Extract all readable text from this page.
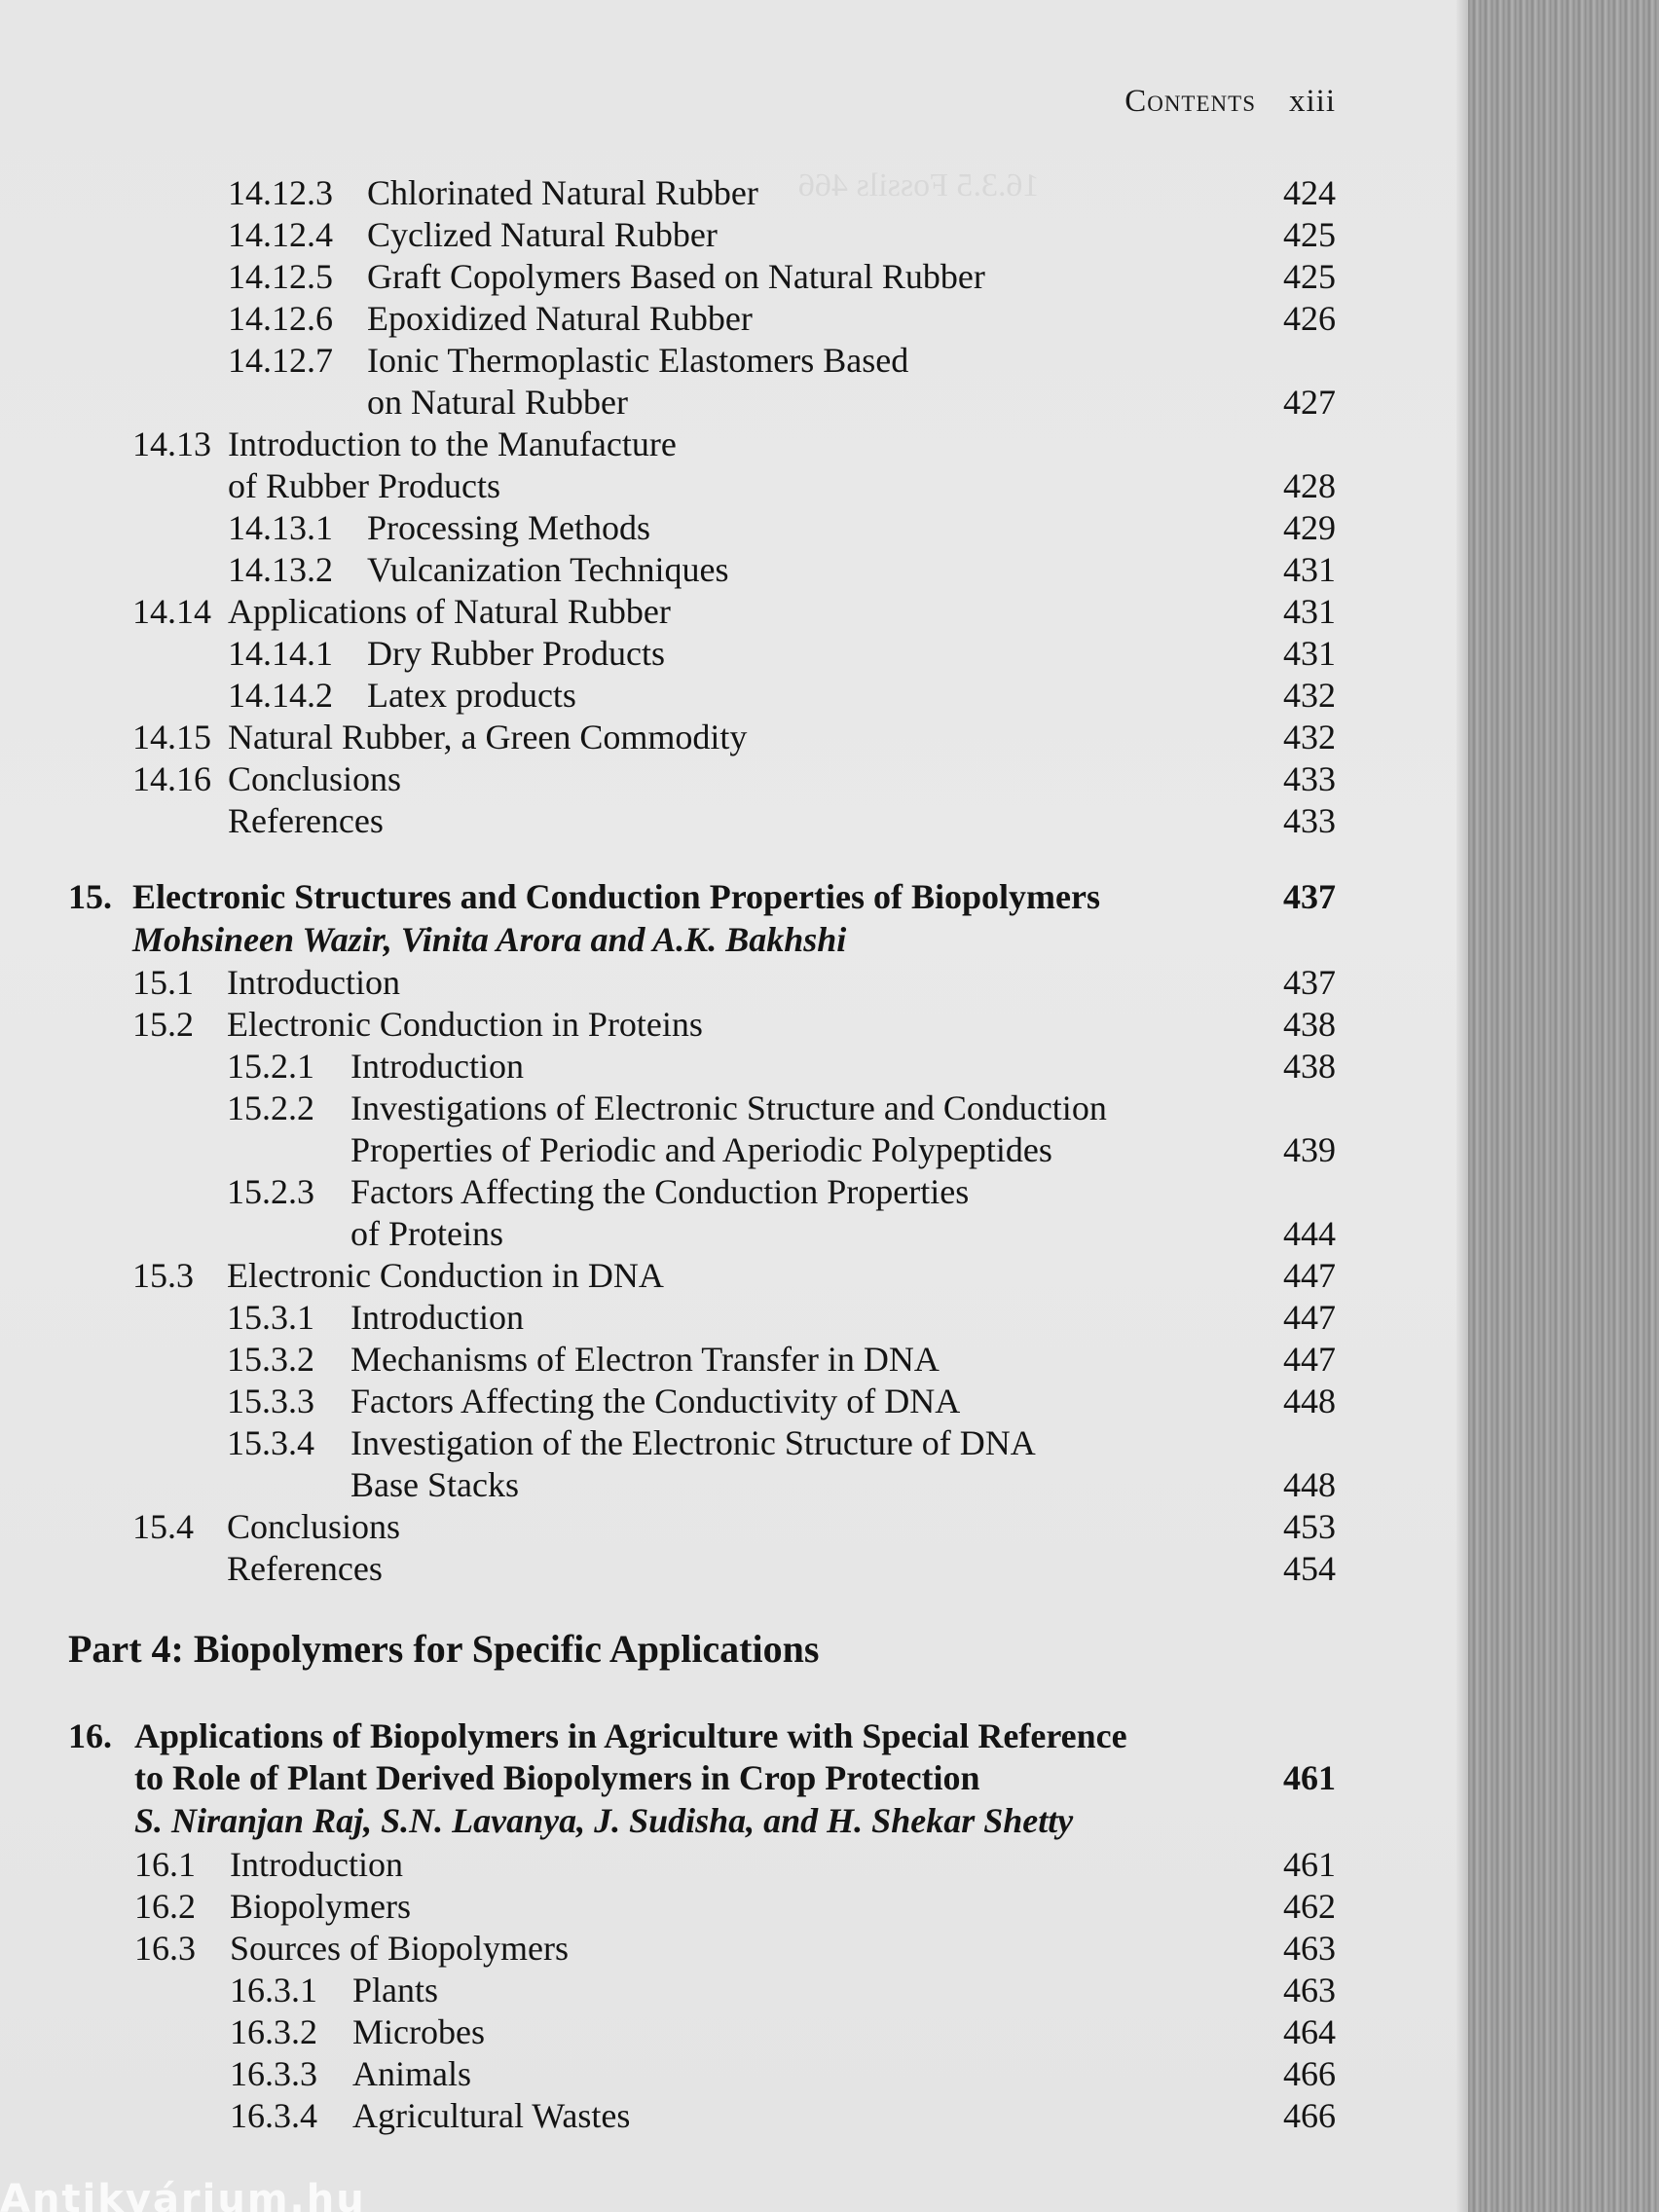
16.3.5 Fossils 466
Contents xiii
14.12.3 Chlorinated Natural Rubber	424
14.12.4 Cyclized Natural Rubber	425
14.12.5 Graft Copolymers Based on Natural Rubber	425
14.12.6 Epoxidized Natural Rubber	426
14.12.7 Ionic Thermoplastic Elastomers Based
on Natural Rubber	427
14.13 Introduction to the Manufacture
of Rubber Products	428
14.13.1 Processing Methods	429
14.13.2 Vulcanization Techniques	431
14.14 Applications of Natural Rubber	431
14.14.1 Dry Rubber Products	431
14.14.2 Latex products	432
14.15 Natural Rubber, a Green Commodity	432
14.16 Conclusions	433
References	433
15. Electronic Structures and Conduction Properties of Biopolymers	437
Mohsineen Wazir, Vinita Arora and A.K. Bakhshi
15.1 Introduction	437
15.2 Electronic Conduction in Proteins	438
15.2.1 Introduction	438
15.2.2 Investigations of Electronic Structure and Conduction
Properties of Periodic and Aperiodic Polypeptides	439
15.2.3 Factors Affecting the Conduction Properties
of Proteins	444
15.3 Electronic Conduction in DNA	447
15.3.1 Introduction	447
15.3.2 Mechanisms of Electron Transfer in DNA	447
15.3.3 Factors Affecting the Conductivity of DNA	448
15.3.4 Investigation of the Electronic Structure of DNA
Base Stacks	448
15.4 Conclusions	453
References	454
Part 4: Biopolymers for Specific Applications
16. Applications of Biopolymers in Agriculture with Special Reference
to Role of Plant Derived Biopolymers in Crop Protection	461
S. Niranjan Raj, S.N. Lavanya, J. Sudisha, and H. Shekar Shetty
16.1 Introduction	461
16.2 Biopolymers	462
16.3 Sources of Biopolymers	463
16.3.1 Plants	463
16.3.2 Microbes	464
16.3.3 Animals	466
16.3.4 Agricultural Wastes	466
Antikvárium.hu
